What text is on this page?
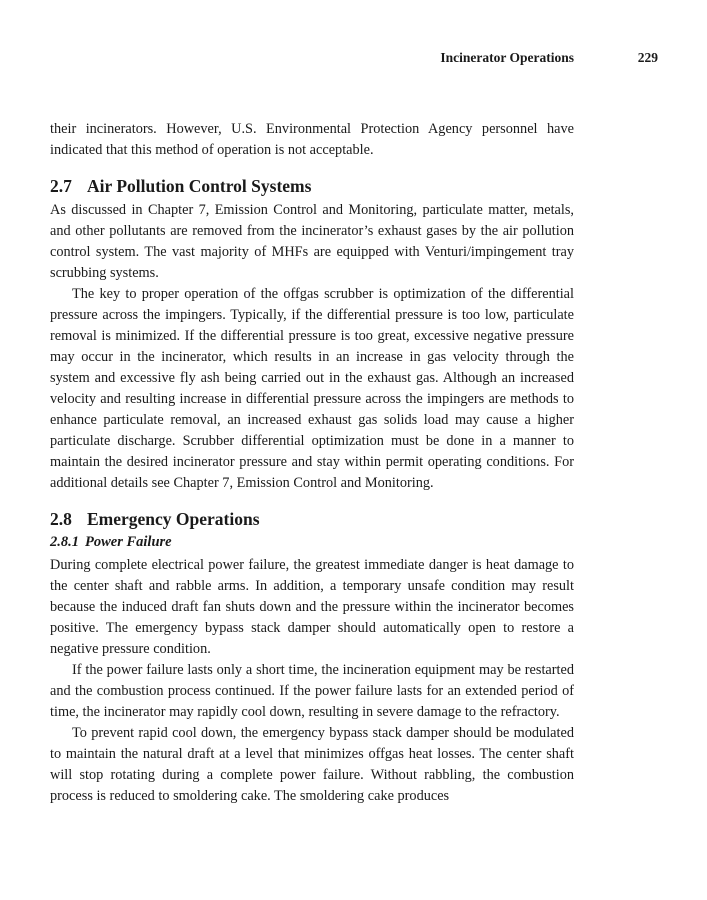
Incinerator Operations	229

their incinerators. However, U.S. Environmental Protection Agency personnel have indicated that this method of operation is not acceptable.

2.7 Air Pollution Control Systems

As discussed in Chapter 7, Emission Control and Monitoring, particulate matter, metals, and other pollutants are removed from the incinerator’s exhaust gases by the air pollution control system. The vast majority of MHFs are equipped with Venturi/impingement tray scrubbing systems.

The key to proper operation of the offgas scrubber is optimization of the differential pressure across the impingers. Typically, if the differential pressure is too low, particulate removal is minimized. If the differential pressure is too great, excessive negative pressure may occur in the incinerator, which results in an increase in gas velocity through the system and excessive fly ash being carried out in the exhaust gas. Although an increased velocity and resulting increase in differential pressure across the impingers are methods to enhance particulate removal, an increased exhaust gas solids load may cause a higher particulate discharge. Scrubber differential optimization must be done in a manner to maintain the desired incinerator pressure and stay within permit operating conditions. For additional details see Chapter 7, Emission Control and Monitoring.

2.8 Emergency Operations
2.8.1 Power Failure

During complete electrical power failure, the greatest immediate danger is heat damage to the center shaft and rabble arms. In addition, a temporary unsafe condition may result because the induced draft fan shuts down and the pressure within the incinerator becomes positive. The emergency bypass stack damper should automatically open to restore a negative pressure condition.

If the power failure lasts only a short time, the incineration equipment may be restarted and the combustion process continued. If the power failure lasts for an extended period of time, the incinerator may rapidly cool down, resulting in severe damage to the refractory.

To prevent rapid cool down, the emergency bypass stack damper should be modulated to maintain the natural draft at a level that minimizes offgas heat losses. The center shaft will stop rotating during a complete power failure. Without rabbling, the combustion process is reduced to smoldering cake. The smoldering cake produces
